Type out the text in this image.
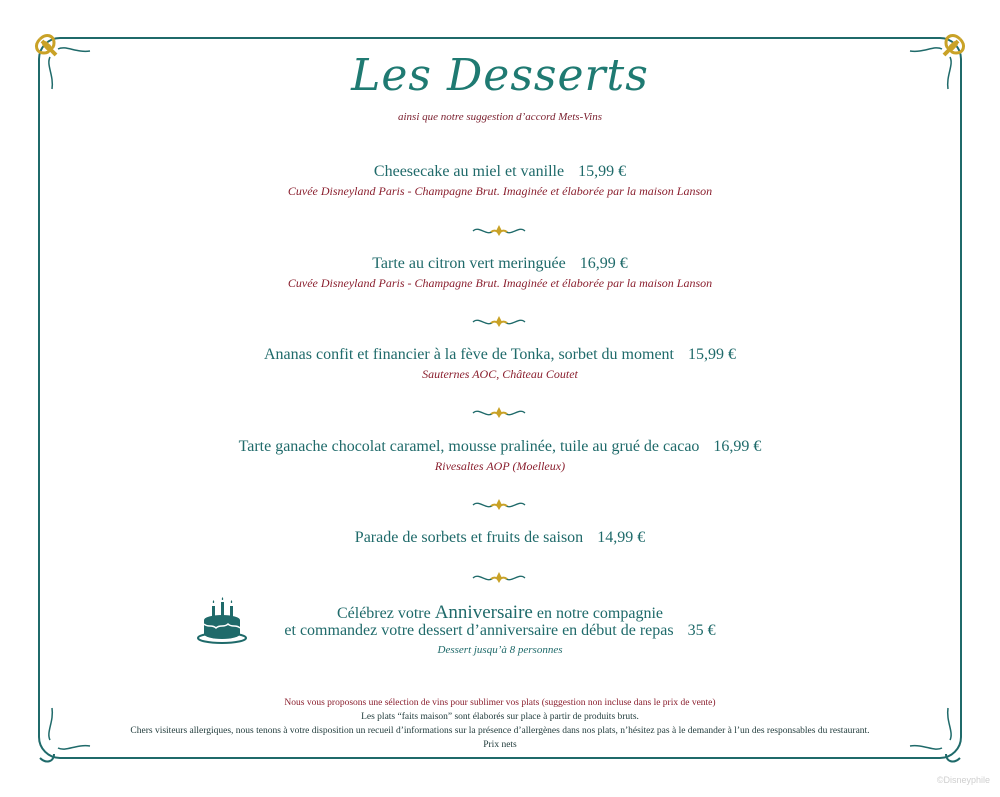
Les Desserts
ainsi que notre suggestion d’accord Mets-Vins
Cheesecake au miel et vanille 15,99 €
Cuvée Disneyland Paris - Champagne Brut. Imaginée et élaborée par la maison Lanson
Tarte au citron vert meringuée 16,99 €
Cuvée Disneyland Paris - Champagne Brut. Imaginée et élaborée par la maison Lanson
Ananas confit et financier à la fève de Tonka, sorbet du moment 15,99 €
Sauternes AOC, Château Coutet
Tarte ganache chocolat caramel, mousse pralinée, tuile au grué de cacao 16,99 €
Rivesaltes AOP (Moelleux)
Parade de sorbets et fruits de saison 14,99 €
Célébrez votre Anniversaire en notre compagnie
et commandez votre dessert d’anniversaire en début de repas 35 €
Dessert jusqu’à 8 personnes
Nous vous proposons une sélection de vins pour sublimer vos plats (suggestion non incluse dans le prix de vente)
Les plats “faits maison” sont élaborés sur place à partir de produits bruts.
Chers visiteurs allergiques, nous tenons à votre disposition un recueil d’informations sur la présence d’allergènes dans nos plats, n’hésitez pas à le demander à l’un des responsables du restaurant.
Prix nets
©Disneyphile
